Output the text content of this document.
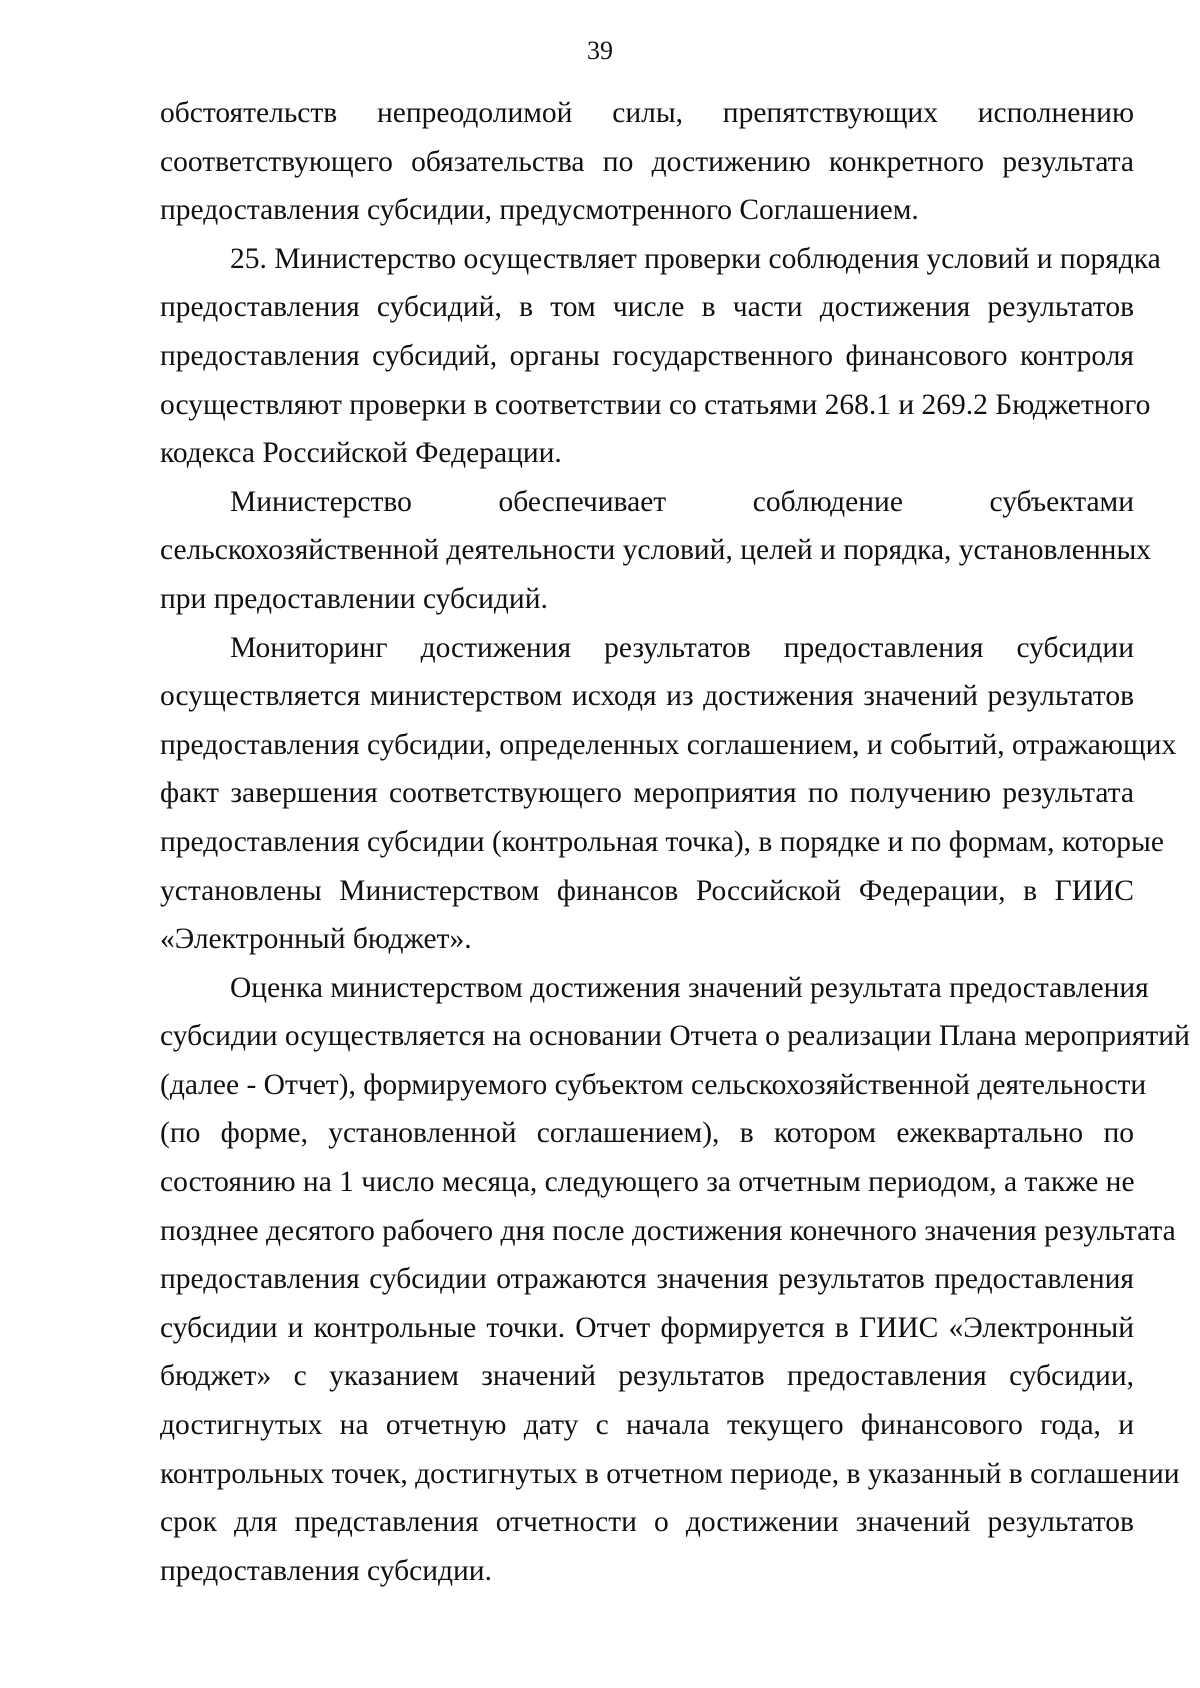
39
обстоятельств непреодолимой силы, препятствующих исполнению
соответствующего обязательства по достижению конкретного результата
предоставления субсидии, предусмотренного Соглашением.
25. Министерство осуществляет проверки соблюдения условий и порядка
предоставления субсидий, в том числе в части достижения результатов
предоставления субсидий, органы государственного финансового контроля
осуществляют проверки в соответствии со статьями 268.1 и 269.2 Бюджетного
кодекса Российской Федерации.
Министерство обеспечивает соблюдение субъектами
сельскохозяйственной деятельности условий, целей и порядка, установленных
при предоставлении субсидий.
Мониторинг достижения результатов предоставления субсидии
осуществляется министерством исходя из достижения значений результатов
предоставления субсидии, определенных соглашением, и событий, отражающих
факт завершения соответствующего мероприятия по получению результата
предоставления субсидии (контрольная точка), в порядке и по формам, которые
установлены Министерством финансов Российской Федерации, в ГИИС
«Электронный бюджет».
Оценка министерством достижения значений результата предоставления
субсидии осуществляется на основании Отчета о реализации Плана мероприятий
(далее - Отчет), формируемого субъектом сельскохозяйственной деятельности
(по форме, установленной соглашением), в котором ежеквартально по
состоянию на 1 число месяца, следующего за отчетным периодом, а также не
позднее десятого рабочего дня после достижения конечного значения результата
предоставления субсидии отражаются значения результатов предоставления
субсидии и контрольные точки. Отчет формируется в ГИИС «Электронный
бюджет» с указанием значений результатов предоставления субсидии,
достигнутых на отчетную дату с начала текущего финансового года, и
контрольных точек, достигнутых в отчетном периоде, в указанный в соглашении
срок для представления отчетности о достижении значений результатов
предоставления субсидии.
